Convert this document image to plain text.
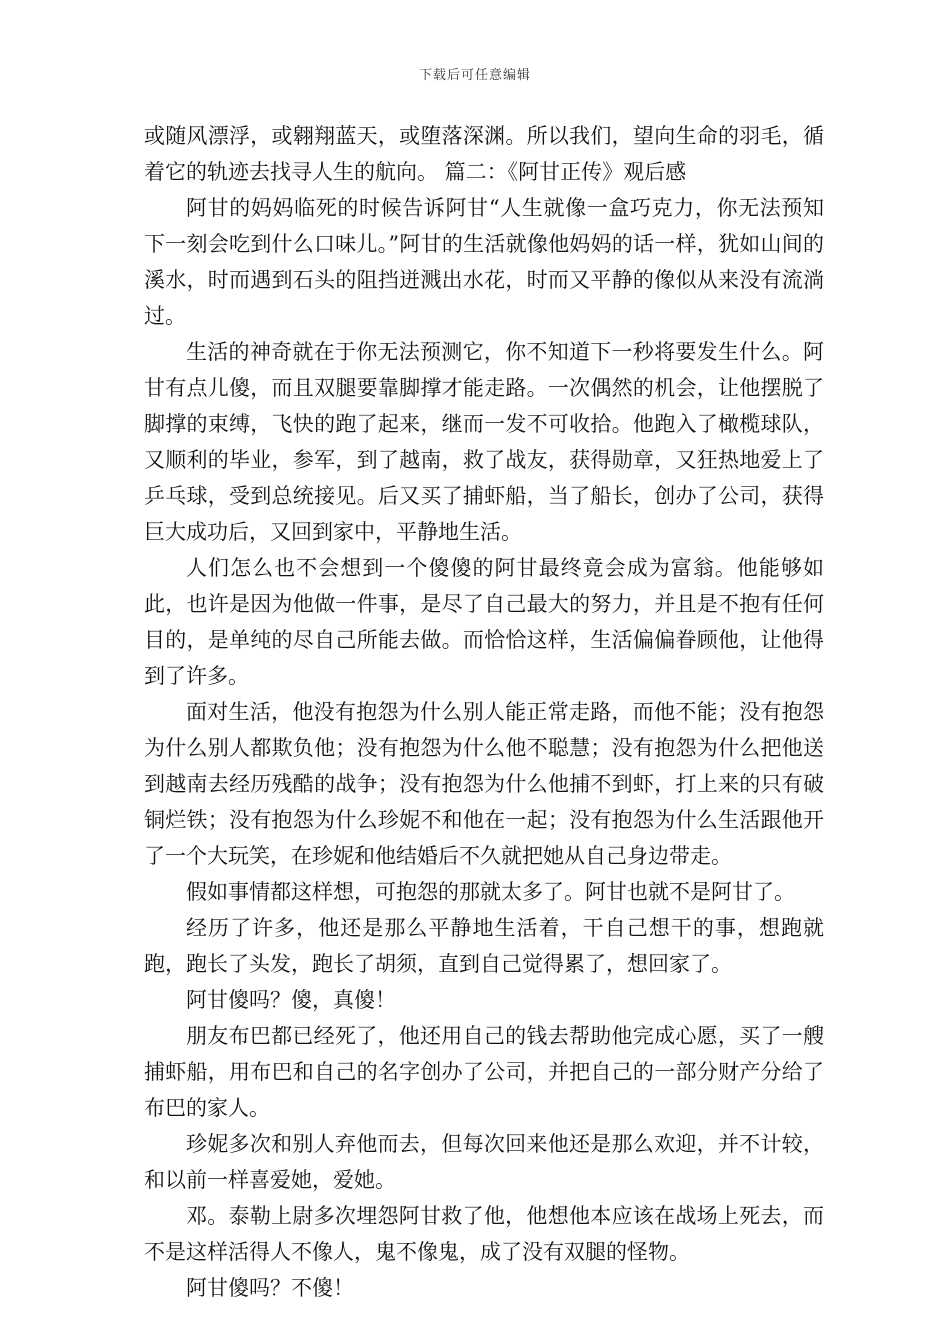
下载后可任意编辑

或随风漂浮，或翱翔蓝天，或堕落深渊。所以我们，望向生命的羽毛，循着它的轨迹去找寻人生的航向。 篇二：《阿甘正传》观后感

阿甘的妈妈临死的时候告诉阿甘“人生就像一盒巧克力，你无法预知下一刻会吃到什么口味儿。”阿甘的生活就像他妈妈的话一样，犹如山间的溪水，时而遇到石头的阻挡迸溅出水花，时而又平静的像似从来没有流淌过。

生活的神奇就在于你无法预测它，你不知道下一秒将要发生什么。阿甘有点儿傻，而且双腿要靠脚撑才能走路。一次偶然的机会，让他摆脱了脚撑的束缚，飞快的跑了起来，继而一发不可收拾。他跑入了橄榄球队，又顺利的毕业，参军，到了越南，救了战友，获得勋章，又狂热地爱上了乒乓球，受到总统接见。后又买了捕虾船，当了船长，创办了公司，获得巨大成功后，又回到家中，平静地生活。

人们怎么也不会想到一个傻傻的阿甘最终竟会成为富翁。他能够如此，也许是因为他做一件事，是尽了自己最大的努力，并且是不抱有任何目的，是单纯的尽自己所能去做。而恰恰这样，生活偏偏眷顾他，让他得到了许多。

面对生活，他没有抱怨为什么别人能正常走路，而他不能；没有抱怨为什么别人都欺负他；没有抱怨为什么他不聪慧；没有抱怨为什么把他送到越南去经历残酷的战争；没有抱怨为什么他捕不到虾，打上来的只有破铜烂铁；没有抱怨为什么珍妮不和他在一起；没有抱怨为什么生活跟他开了一个大玩笑，在珍妮和他结婚后不久就把她从自己身边带走。

假如事情都这样想，可抱怨的那就太多了。阿甘也就不是阿甘了。

经历了许多，他还是那么平静地生活着，干自己想干的事，想跑就跑，跑长了头发，跑长了胡须，直到自己觉得累了，想回家了。

阿甘傻吗？傻，真傻！

朋友布巴都已经死了，他还用自己的钱去帮助他完成心愿，买了一艘捕虾船，用布巴和自己的名字创办了公司，并把自己的一部分财产分给了布巴的家人。

珍妮多次和别人弃他而去，但每次回来他还是那么欢迎，并不计较，和以前一样喜爱她，爱她。

邓。泰勒上尉多次埋怨阿甘救了他，他想他本应该在战场上死去，而不是这样活得人不像人，鬼不像鬼，成了没有双腿的怪物。

阿甘傻吗？不傻！
